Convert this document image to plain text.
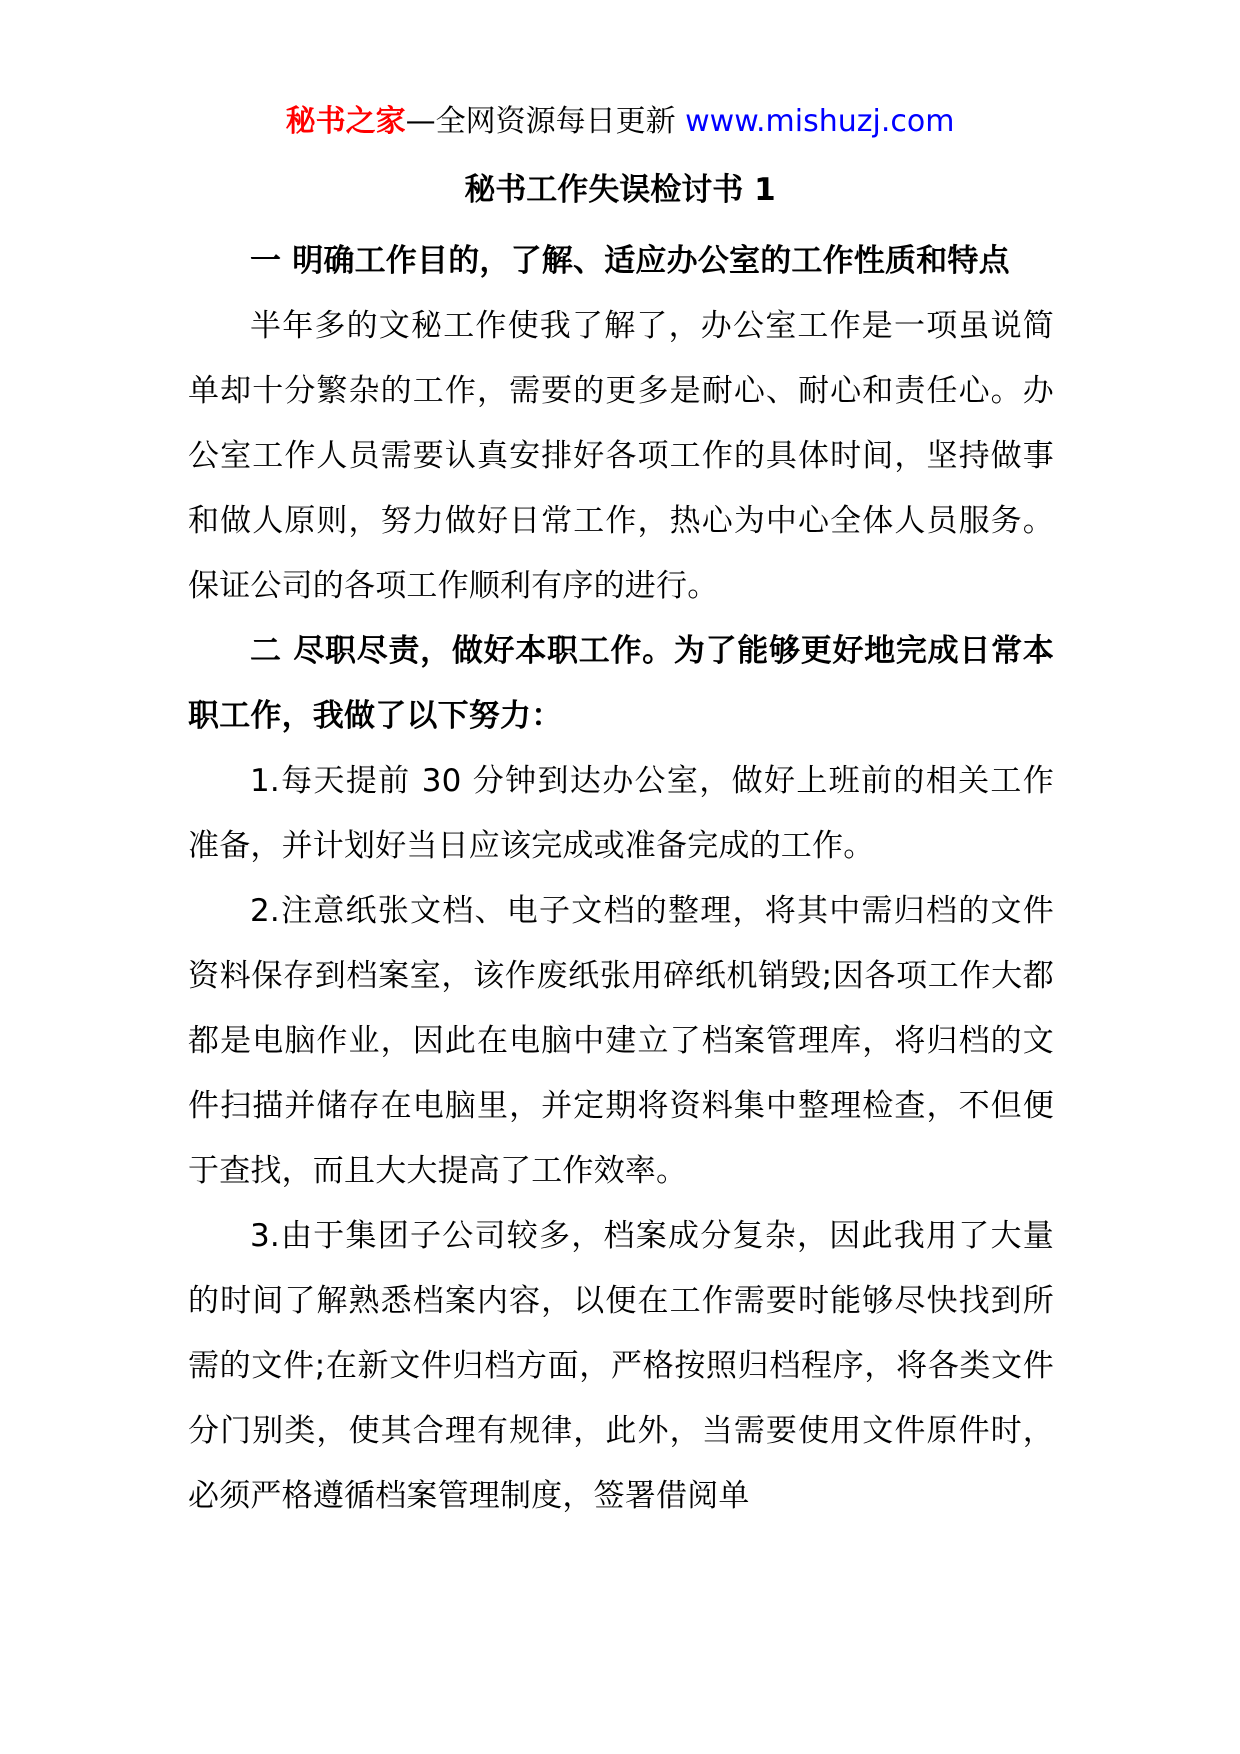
秘书之家—全网资源每日更新 www.mishuzj.com
秘书工作失误检讨书 1

一 明确工作目的，了解、适应办公室的工作性质和特点

半年多的文秘工作使我了解了，办公室工作是一项虽说简单却十分繁杂的工作，需要的更多是耐心、耐心和责任心。办公室工作人员需要认真安排好各项工作的具体时间，坚持做事和做人原则，努力做好日常工作，热心为中心全体人员服务。保证公司的各项工作顺利有序的进行。

二 尽职尽责，做好本职工作。为了能够更好地完成日常本职工作，我做了以下努力：

1.每天提前 30 分钟到达办公室，做好上班前的相关工作准备，并计划好当日应该完成或准备完成的工作。

2.注意纸张文档、电子文档的整理，将其中需归档的文件资料保存到档案室，该作废纸张用碎纸机销毁;因各项工作大都都是电脑作业，因此在电脑中建立了档案管理库，将归档的文件扫描并储存在电脑里，并定期将资料集中整理检查，不但便于查找，而且大大提高了工作效率。

3.由于集团子公司较多，档案成分复杂，因此我用了大量的时间了解熟悉档案内容，以便在工作需要时能够尽快找到所需的文件;在新文件归档方面，严格按照归档程序，将各类文件分门别类，使其合理有规律，此外，当需要使用文件原件时，必须严格遵循档案管理制度，签署借阅单
